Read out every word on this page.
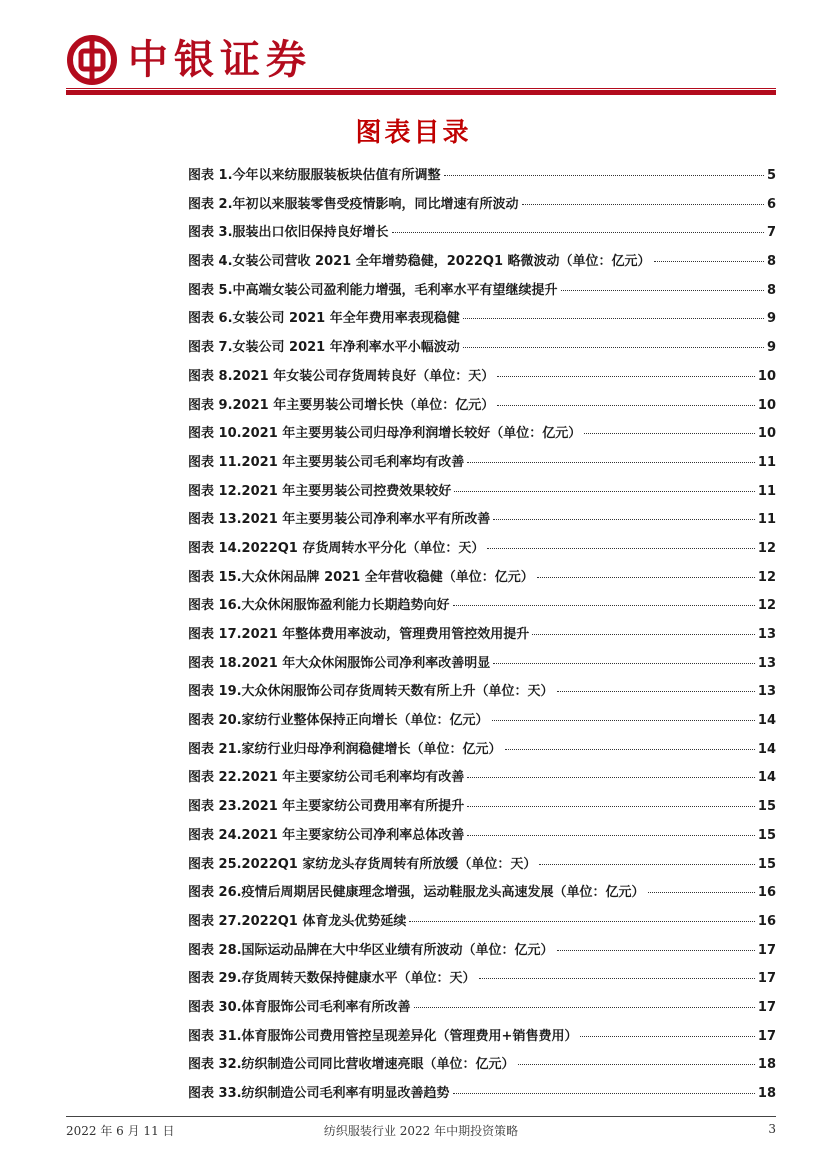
中银证券
图表目录
图表 1.今年以来纺服服装板块估值有所调整	5
图表 2.年初以来服装零售受疫情影响，同比增速有所波动	6
图表 3.服装出口依旧保持良好增长	7
图表 4.女装公司营收 2021 全年增势稳健，2022Q1 略微波动（单位：亿元）	8
图表 5.中高端女装公司盈利能力增强，毛利率水平有望继续提升	8
图表 6.女装公司 2021 年全年费用率表现稳健	9
图表 7.女装公司 2021 年净利率水平小幅波动	9
图表 8.2021 年女装公司存货周转良好（单位：天）	10
图表 9.2021 年主要男装公司增长快（单位：亿元）	10
图表 10.2021 年主要男装公司归母净利润增长较好（单位：亿元）	10
图表 11.2021 年主要男装公司毛利率均有改善	11
图表 12.2021 年主要男装公司控费效果较好	11
图表 13.2021 年主要男装公司净利率水平有所改善	11
图表 14.2022Q1 存货周转水平分化（单位：天）	12
图表 15.大众休闲品牌 2021 全年营收稳健（单位：亿元）	12
图表 16.大众休闲服饰盈利能力长期趋势向好	12
图表 17.2021 年整体费用率波动，管理费用管控效用提升	13
图表 18.2021 年大众休闲服饰公司净利率改善明显	13
图表 19.大众休闲服饰公司存货周转天数有所上升（单位：天）	13
图表 20.家纺行业整体保持正向增长（单位：亿元）	14
图表 21.家纺行业归母净利润稳健增长（单位：亿元）	14
图表 22.2021 年主要家纺公司毛利率均有改善	14
图表 23.2021 年主要家纺公司费用率有所提升	15
图表 24.2021 年主要家纺公司净利率总体改善	15
图表 25.2022Q1 家纺龙头存货周转有所放缓（单位：天）	15
图表 26.疫情后周期居民健康理念增强，运动鞋服龙头高速发展（单位：亿元）	16
图表 27.2022Q1 体育龙头优势延续	16
图表 28.国际运动品牌在大中华区业绩有所波动（单位：亿元）	17
图表 29.存货周转天数保持健康水平（单位：天）	17
图表 30.体育服饰公司毛利率有所改善	17
图表 31.体育服饰公司费用管控呈现差异化（管理费用+销售费用）	17
图表 32.纺织制造公司同比营收增速亮眼（单位：亿元）	18
图表 33.纺织制造公司毛利率有明显改善趋势	18
2022 年 6 月 11 日	纺织服装行业 2022 年中期投资策略	3
